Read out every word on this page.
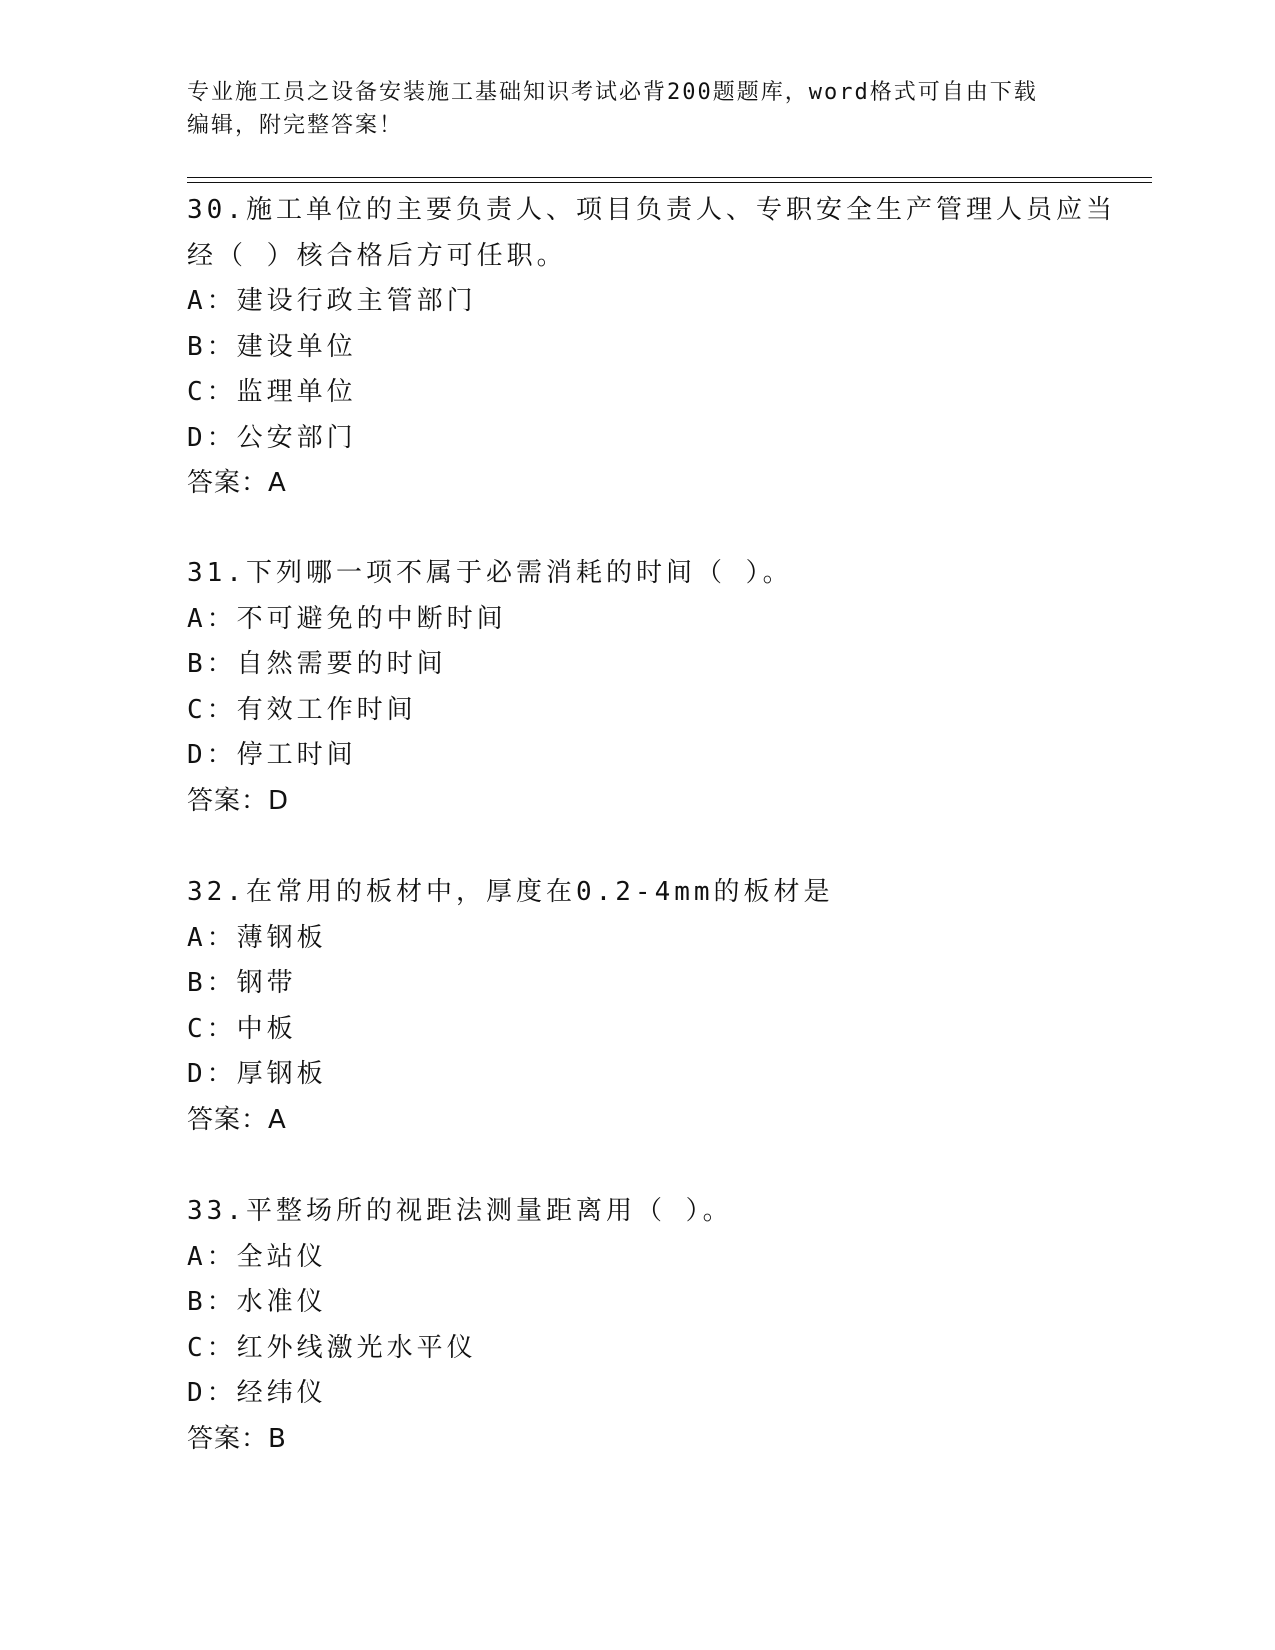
专业施工员之设备安装施工基础知识考试必背200题题库，word格式可自由下载
编辑，附完整答案！
30.施工单位的主要负责人、项目负责人、专职安全生产管理人员应当
经（ ）核合格后方可任职。
A：建设行政主管部门
B：建设单位
C：监理单位
D：公安部门
答案：A
31.下列哪一项不属于必需消耗的时间（ ）。
A：不可避免的中断时间
B：自然需要的时间
C：有效工作时间
D：停工时间
答案：D
32.在常用的板材中，厚度在0.2-4mm的板材是
A：薄钢板
B：钢带
C：中板
D：厚钢板
答案：A
33.平整场所的视距法测量距离用（ ）。
A：全站仪
B：水准仪
C：红外线激光水平仪
D：经纬仪
答案：B
